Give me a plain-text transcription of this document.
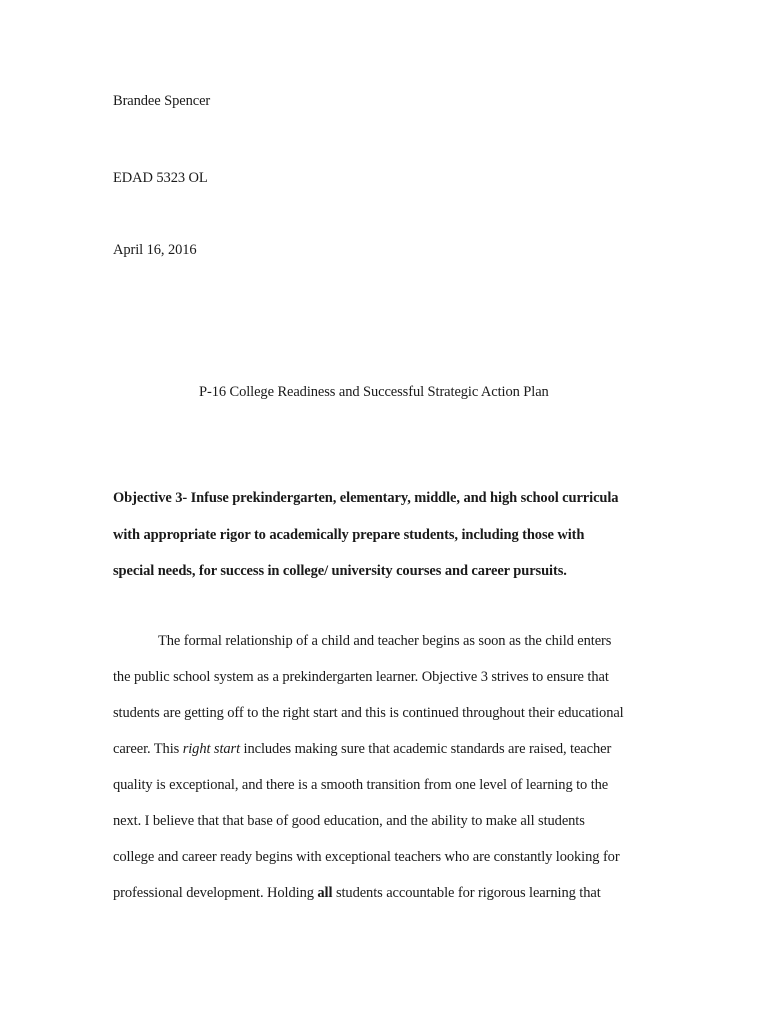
Brandee Spencer
EDAD 5323 OL
April 16, 2016
P-16 College Readiness and Successful Strategic Action Plan
Objective 3- Infuse prekindergarten, elementary, middle, and high school curricula
with appropriate rigor to academically prepare students, including those with
special needs, for success in college/ university courses and career pursuits.
The formal relationship of a child and teacher begins as soon as the child enters
the public school system as a prekindergarten learner. Objective 3 strives to ensure that
students are getting off to the right start and this is continued throughout their educational
career. This right start includes making sure that academic standards are raised, teacher
quality is exceptional, and there is a smooth transition from one level of learning to the
next. I believe that that base of good education, and the ability to make all students
college and career ready begins with exceptional teachers who are constantly looking for
professional development. Holding all students accountable for rigorous learning that
